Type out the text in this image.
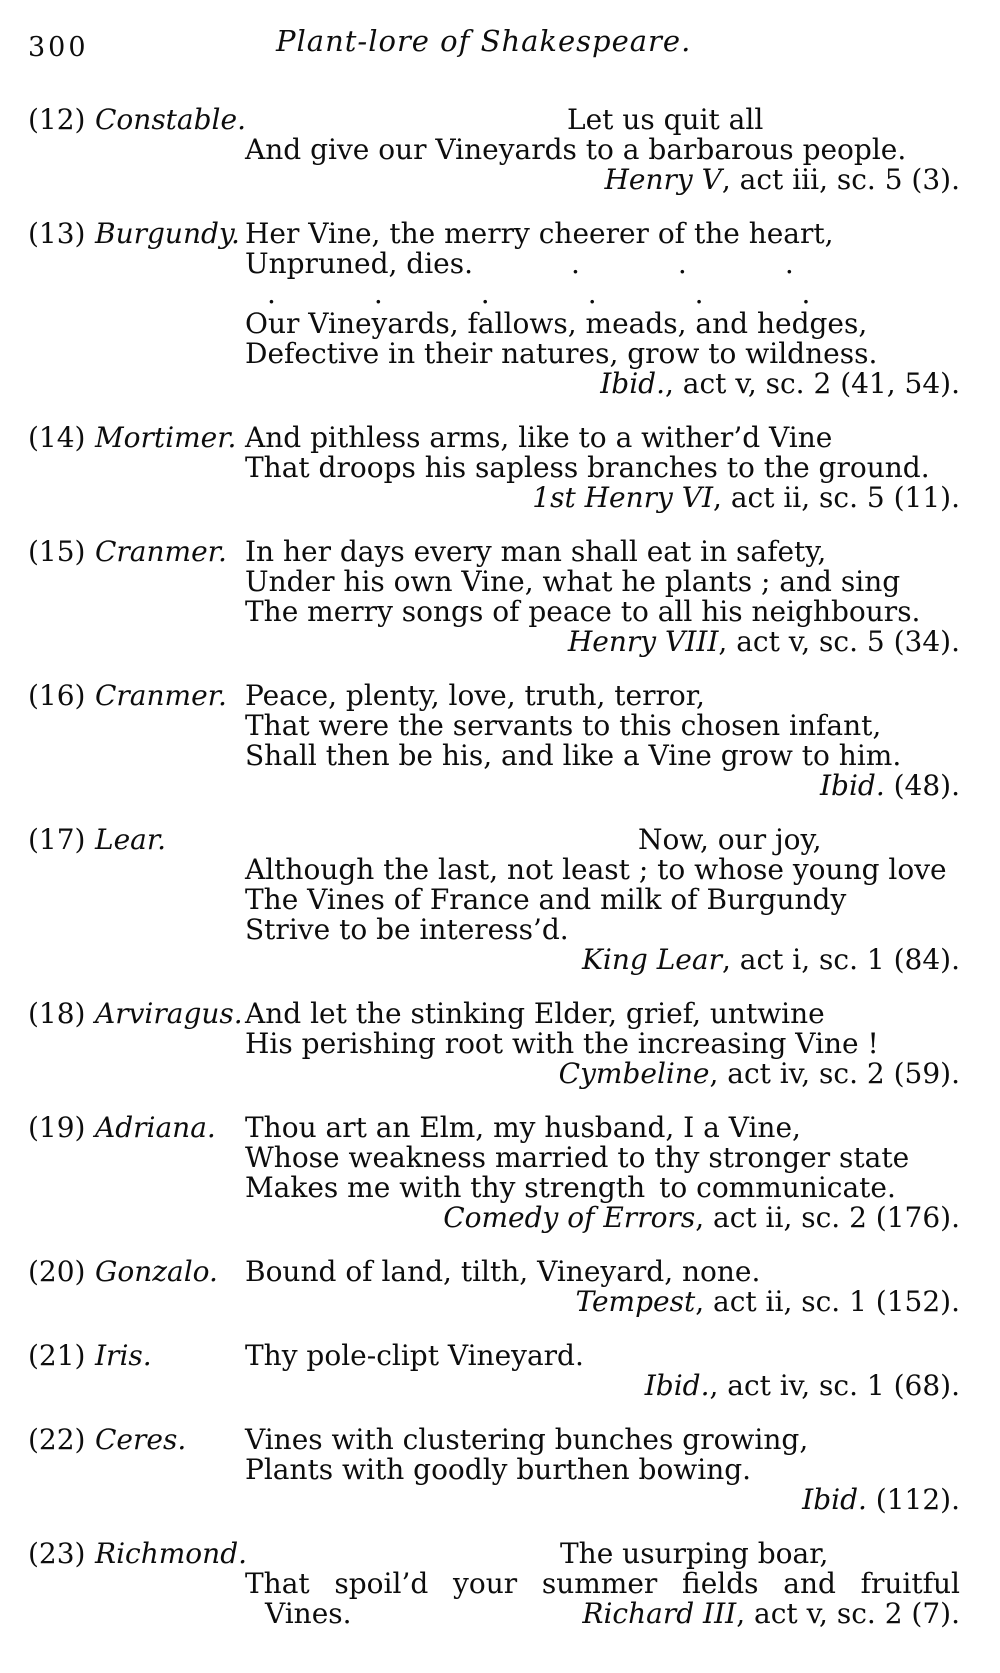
300	Plant-lore of Shakespeare.
(12) Constable.	Let us quit all
And give our Vineyards to a barbarous people.
Henry V, act iii, sc. 5 (3).
(13) Burgundy. Her Vine, the merry cheerer of the heart,
Unpruned, dies.    .    .    .
.    .    .    .    .    .
Our Vineyards, fallows, meads, and hedges,
Defective in their natures, grow to wildness.
Ibid., act v, sc. 2 (41, 54).
(14) Mortimer. And pithless arms, like to a wither’d Vine
That droops his sapless branches to the ground.
1st Henry VI, act ii, sc. 5 (11).
(15) Cranmer. In her days every man shall eat in safety,
Under his own Vine, what he plants ; and sing
The merry songs of peace to all his neighbours.
Henry VIII, act v, sc. 5 (34).
(16) Cranmer. Peace, plenty, love, truth, terror,
That were the servants to this chosen infant,
Shall then be his, and like a Vine grow to him.
Ibid. (48).
(17) Lear.	Now, our joy,
Although the last, not least ; to whose young love
The Vines of France and milk of Burgundy
Strive to be interess’d.
King Lear, act i, sc. 1 (84).
(18) Arviragus. And let the stinking Elder, grief, untwine
His perishing root with the increasing Vine !
Cymbeline, act iv, sc. 2 (59).
(19) Adriana.	Thou art an Elm, my husband, I a Vine,
Whose weakness married to thy stronger state
Makes me with thy strength to communicate.
Comedy of Errors, act ii, sc. 2 (176).
(20) Gonzalo. Bound of land, tilth, Vineyard, none.
Tempest, act ii, sc. 1 (152).
(21) Iris.	Thy pole-clipt Vineyard.
Ibid., act iv, sc. 1 (68).
(22) Ceres.	Vines with clustering bunches growing,
Plants with goodly burthen bowing.
Ibid. (112).
(23) Richmond.	The usurping boar,
That spoil’d your summer fields and fruitful
Vines.	Richard III, act v, sc. 2 (7).
